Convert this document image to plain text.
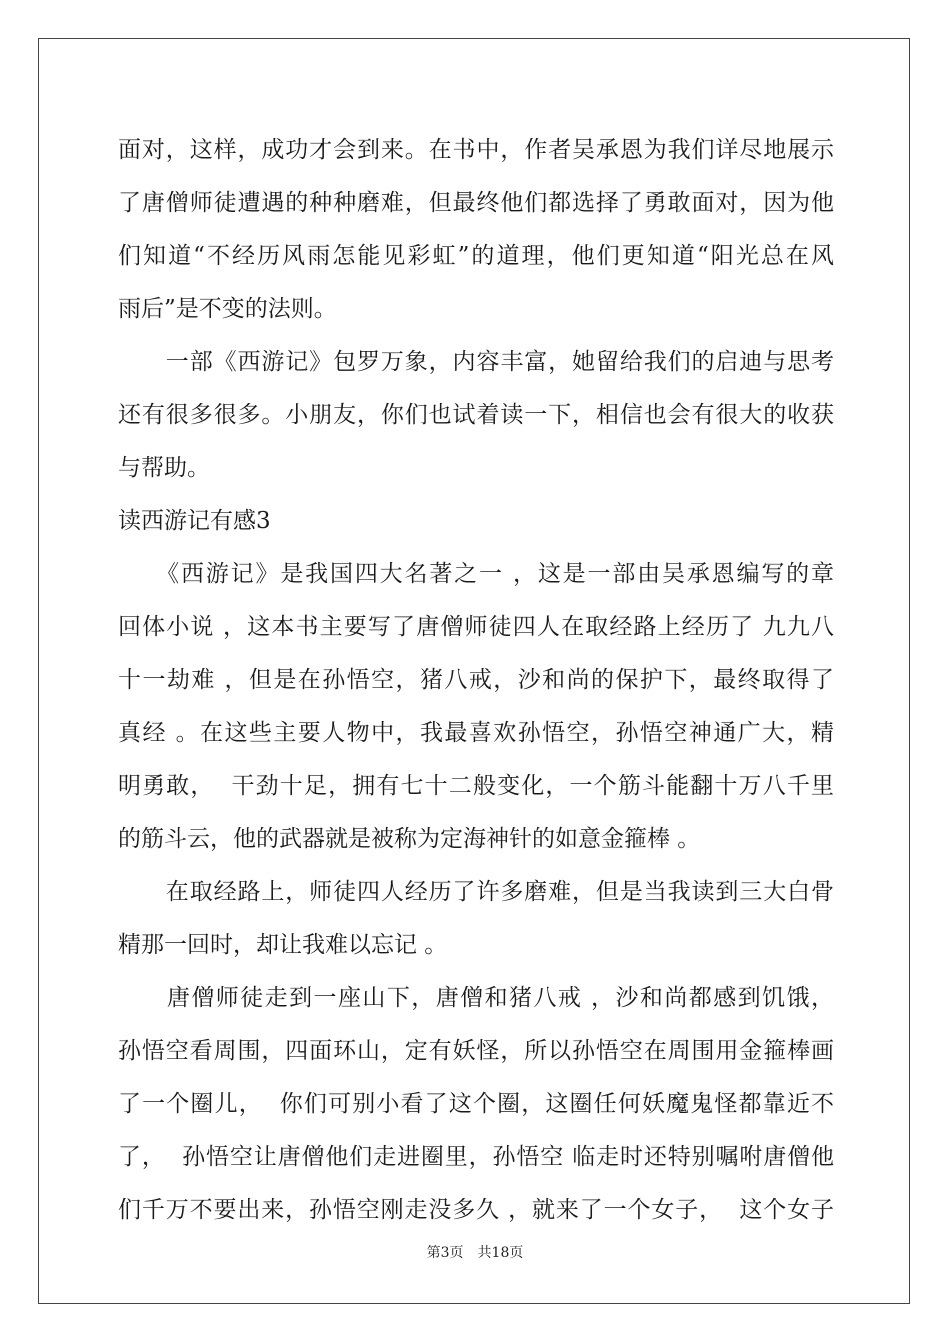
面对，这样，成功才会到来。在书中，作者吴承恩为我们详尽地展示
了唐僧师徒遭遇的种种磨难，但最终他们都选择了勇敢面对，因为他
们知道“不经历风雨怎能见彩虹”的道理，他们更知道“阳光总在风
雨后”是不变的法则。
　　一部《西游记》包罗万象，内容丰富，她留给我们的启迪与思考
还有很多很多。小朋友，你们也试着读一下，相信也会有很大的收获
与帮助。
读西游记有感3
　　《西游记》是我国四大名著之一 ，这是一部由吴承恩编写的章
回体小说 ，这本书主要写了唐僧师徒四人在取经路上经历了 九九八
十一劫难 ，但是在孙悟空，猪八戒，沙和尚的保护下，最终取得了
真经 。在这些主要人物中，我最喜欢孙悟空，孙悟空神通广大，精
明勇敢，  干劲十足，拥有七十二般变化，一个筋斗能翻十万八千里
的筋斗云，他的武器就是被称为定海神针的如意金箍棒 。
　　在取经路上，师徒四人经历了许多磨难，但是当我读到三大白骨
精那一回时，却让我难以忘记 。
　　唐僧师徒走到一座山下，唐僧和猪八戒 ，沙和尚都感到饥饿，
孙悟空看周围，四面环山，定有妖怪，所以孙悟空在周围用金箍棒画
了一个圈儿，  你们可别小看了这个圈，这圈任何妖魔鬼怪都靠近不
了，  孙悟空让唐僧他们走进圈里，孙悟空 临走时还特别嘱咐唐僧他
们千万不要出来，孙悟空刚走没多久 ，就来了一个女子，  这个女子
第3页 共18页
